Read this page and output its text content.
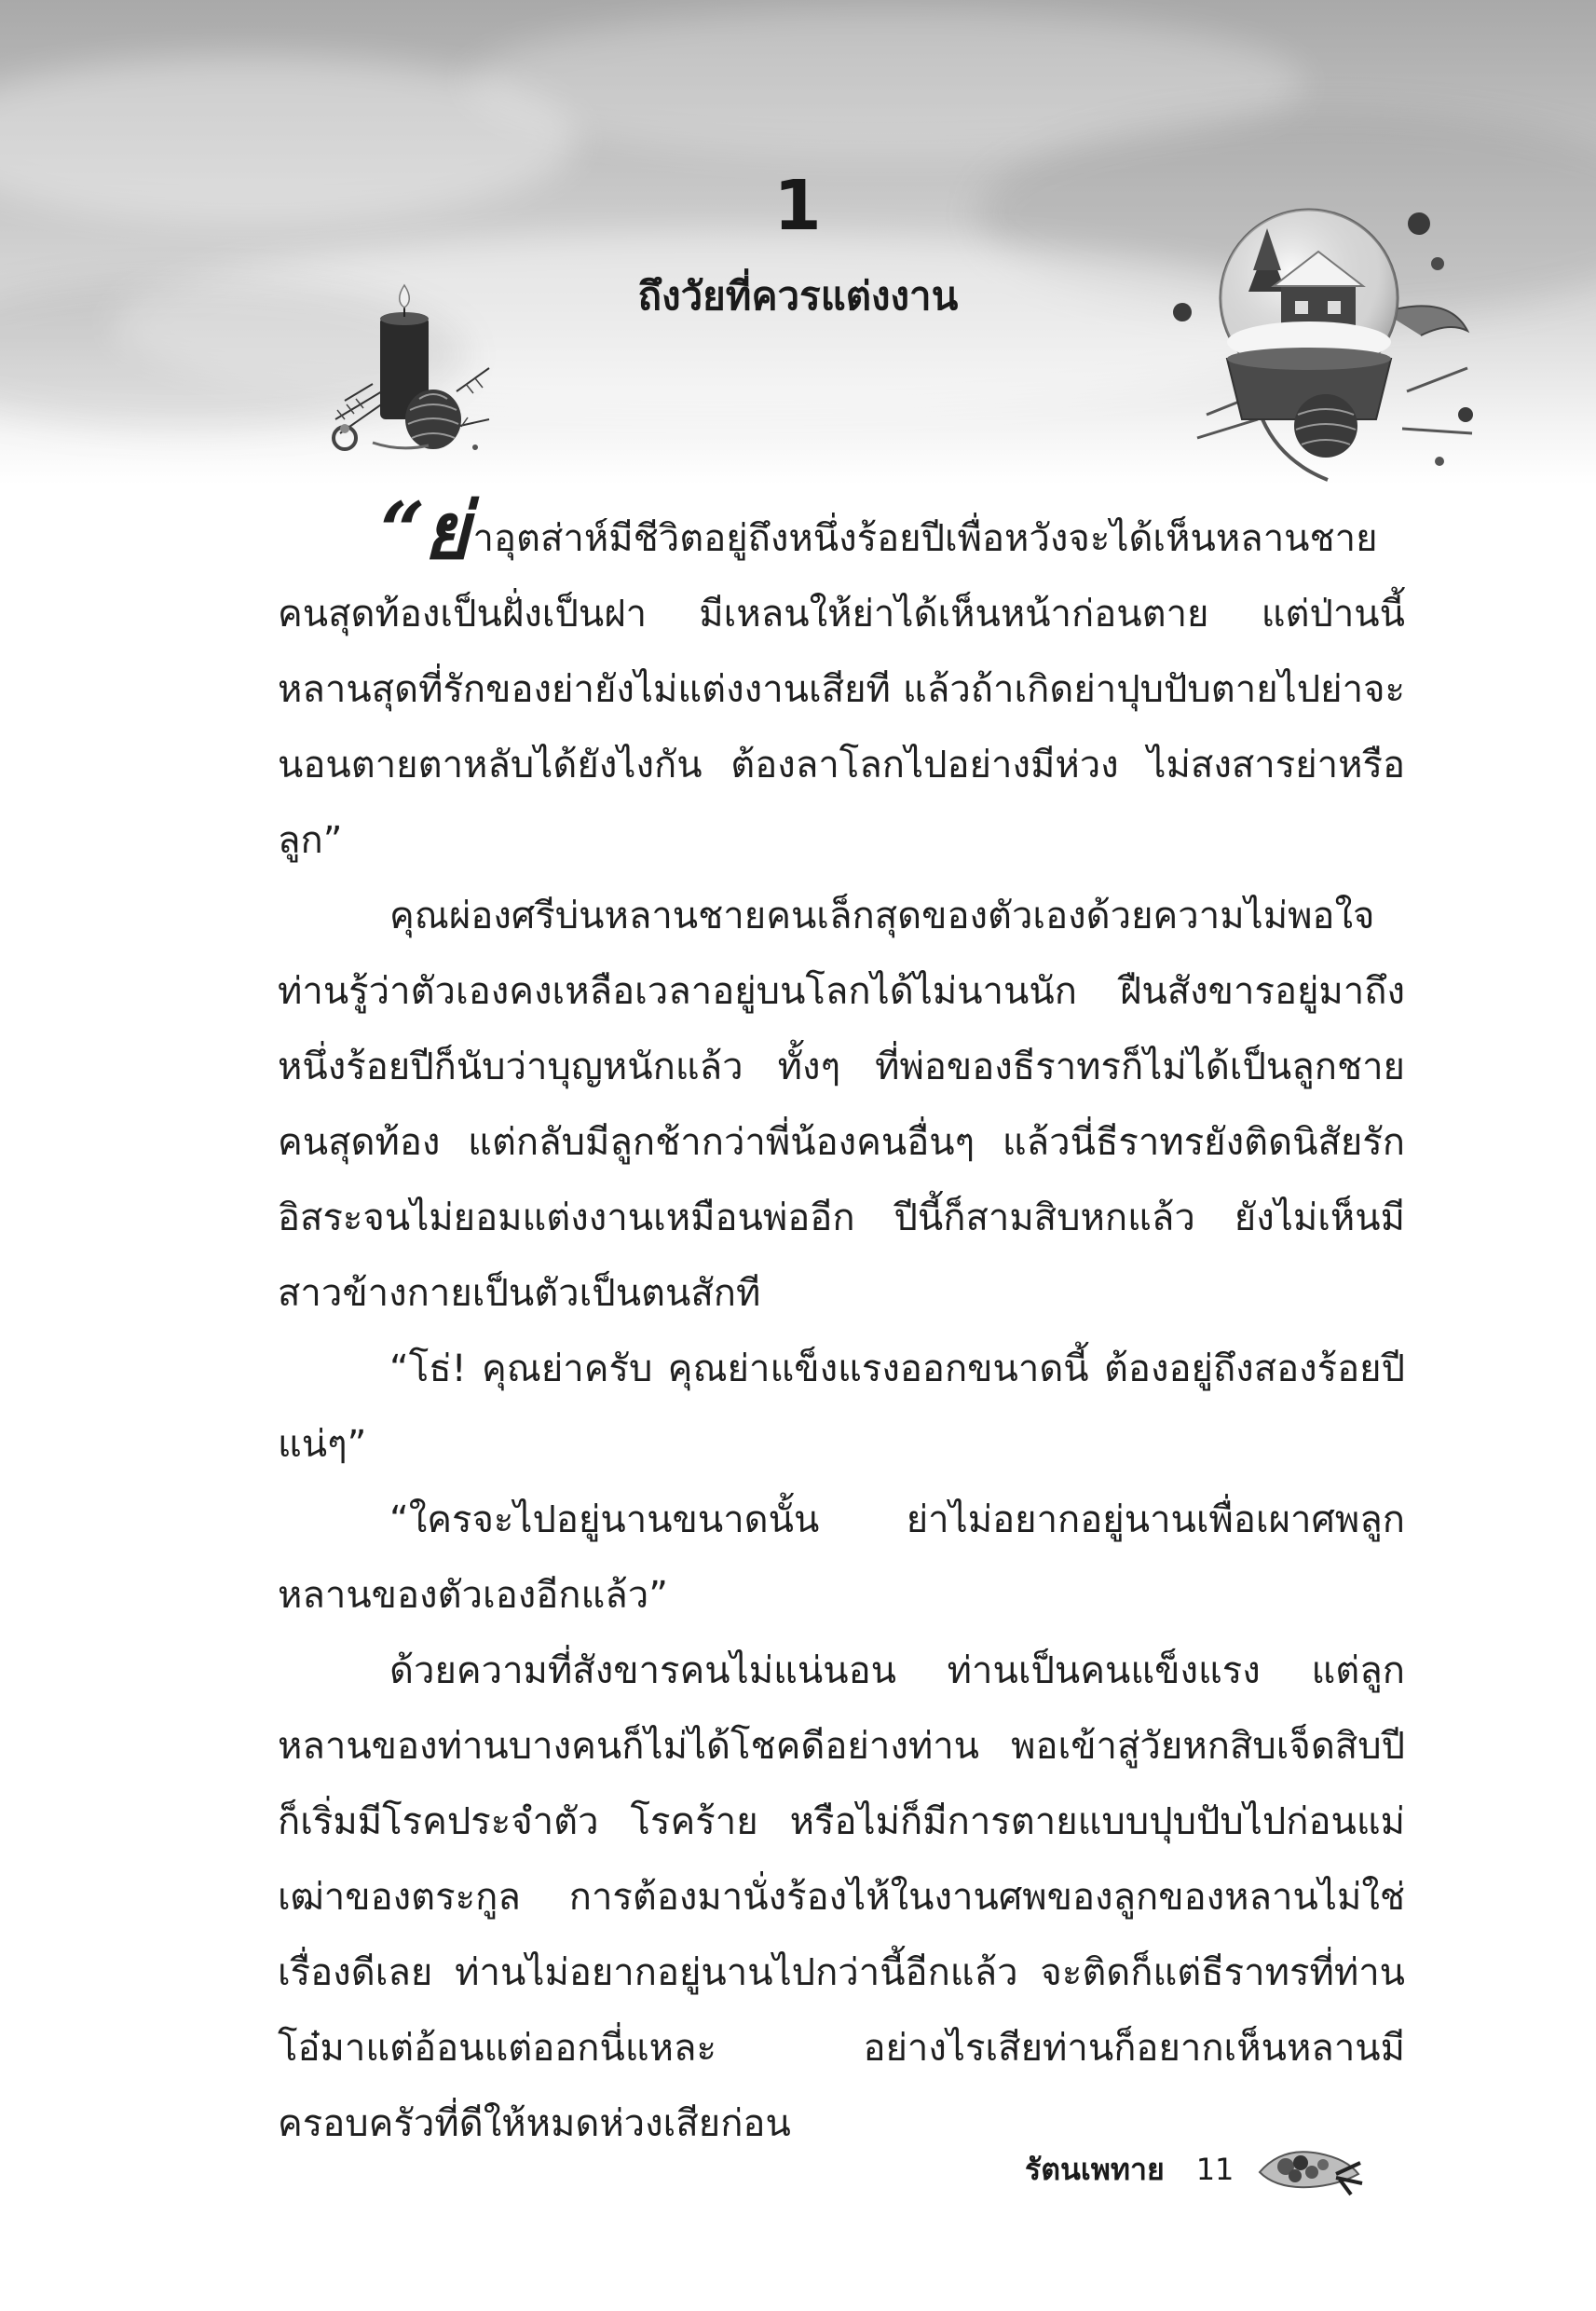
1
ถึงวัยที่ควรแต่งงาน

“ย่าอุตส่าห์มีชีวิตอยู่ถึงหนึ่งร้อยปีเพื่อหวังจะได้เห็นหลานชายคนสุดท้องเป็นฝั่งเป็นฝา มีเหลนให้ย่าได้เห็นหน้าก่อนตาย แต่ป่านนี้หลานสุดที่รักของย่ายังไม่แต่งงานเสียที แล้วถ้าเกิดย่าปุบปับตายไปย่าจะนอนตายตาหลับได้ยังไงกัน ต้องลาโลกไปอย่างมีห่วง ไม่สงสารย่าหรือลูก”

คุณผ่องศรีบ่นหลานชายคนเล็กสุดของตัวเองด้วยความไม่พอใจ ท่านรู้ว่าตัวเองคงเหลือเวลาอยู่บนโลกได้ไม่นานนัก ฝืนสังขารอยู่มาถึงหนึ่งร้อยปีก็นับว่าบุญหนักแล้ว ทั้งๆ ที่พ่อของธีราทรก็ไม่ได้เป็นลูกชายคนสุดท้อง แต่กลับมีลูกช้ากว่าพี่น้องคนอื่นๆ แล้วนี่ธีราทรยังติดนิสัยรักอิสระจนไม่ยอมแต่งงานเหมือนพ่ออีก ปีนี้ก็สามสิบหกแล้ว ยังไม่เห็นมีสาวข้างกายเป็นตัวเป็นตนสักที

“โธ่! คุณย่าครับ คุณย่าแข็งแรงออกขนาดนี้ ต้องอยู่ถึงสองร้อยปีแน่ๆ”

“ใครจะไปอยู่นานขนาดนั้น ย่าไม่อยากอยู่นานเพื่อเผาศพลูกหลานของตัวเองอีกแล้ว”

ด้วยความที่สังขารคนไม่แน่นอน ท่านเป็นคนแข็งแรง แต่ลูกหลานของท่านบางคนก็ไม่ได้โชคดีอย่างท่าน พอเข้าสู่วัยหกสิบเจ็ดสิบปีก็เริ่มมีโรคประจำตัว โรคร้าย หรือไม่ก็มีการตายแบบปุบปับไปก่อนแม่เฒ่าของตระกูล การต้องมานั่งร้องไห้ในงานศพของลูกของหลานไม่ใช่เรื่องดีเลย ท่านไม่อยากอยู่นานไปกว่านี้อีกแล้ว จะติดก็แต่ธีราทรที่ท่านโอ๋มาแต่อ้อนแต่ออกนี่แหละ อย่างไรเสียท่านก็อยากเห็นหลานมีครอบครัวที่ดีให้หมดห่วงเสียก่อน

รัตนเพทาย 11
